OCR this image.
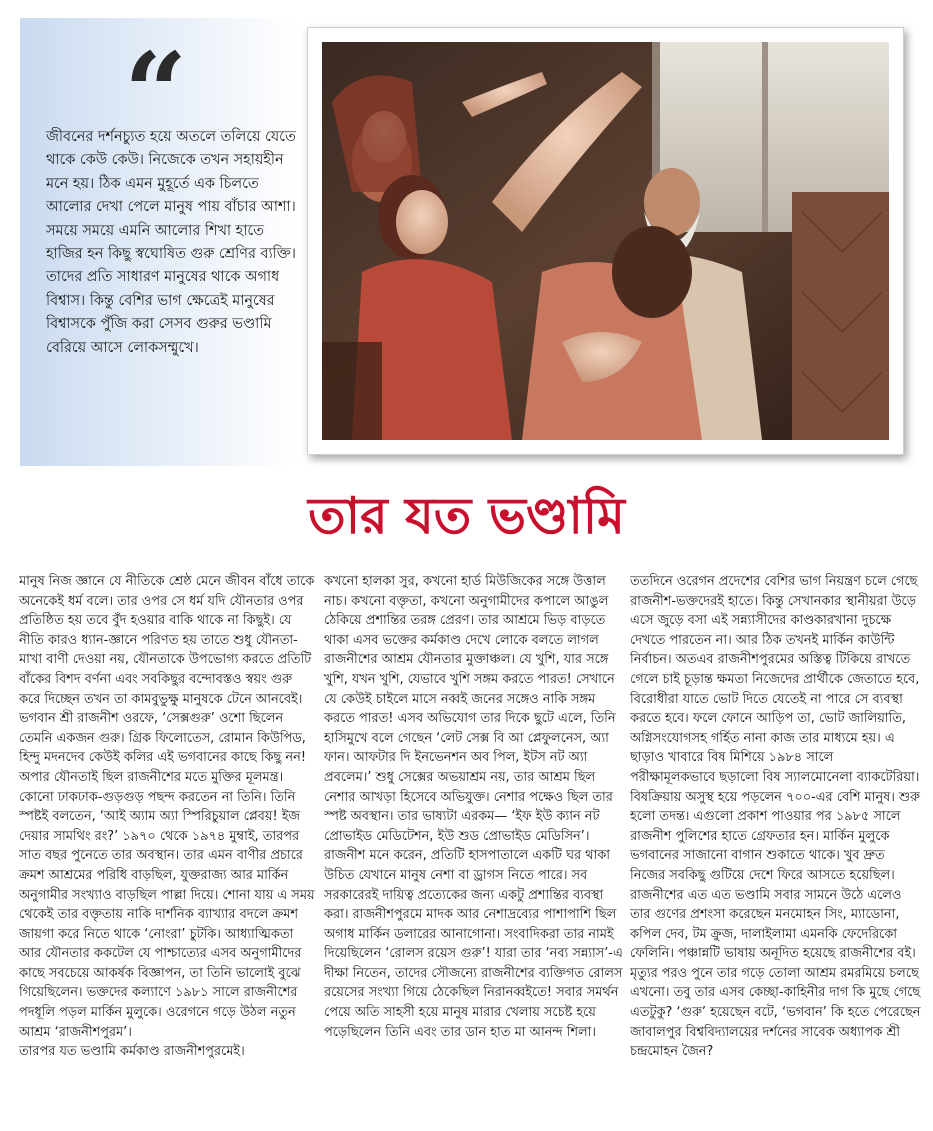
“
জীবনের দর্শনচ্যুত হয়ে অতলে তলিয়ে যেতে থাকে কেউ কেউ। নিজেকে তখন সহায়হীন মনে হয়। ঠিক এমন মুহূর্তে এক চিলতে আলোর দেখা পেলে মানুষ পায় বাঁচার আশা। সময়ে সময়ে এমনি আলোর শিখা হাতে হাজির হন কিছু স্বঘোষিত গুরু শ্রেণির ব্যক্তি। তাদের প্রতি সাধারণ মানুষের থাকে অগাধ বিশ্বাস। কিন্তু বেশির ভাগ ক্ষেত্রেই মানুষের বিশ্বাসকে পুঁজি করা সেসব গুরুর ভণ্ডামি বেরিয়ে আসে লোকসম্মুখে।
তার যত ভণ্ডামি

মানুষ নিজ জ্ঞানে যে নীতিকে শ্রেষ্ঠ মেনে জীবন বাঁধে তাকে অনেকেই ধর্ম বলে। তার ওপর সে ধর্ম যদি যৌনতার ওপর প্রতিষ্ঠিত হয় তবে বুঁদ হওয়ার বাকি থাকে না কিছুই। যে নীতি কারও ধ্যান-জ্ঞানে পরিণত হয় তাতে শুধু যৌনতা-মাখা বাণী দেওয়া নয়, যৌনতাকে উপভোগ্য করতে প্রতিটি বাঁকের বিশদ বর্ণনা এবং সবকিছুর বন্দোবস্তও স্বয়ং গুরু করে দিচ্ছেন তখন তা কামবুভুক্ষু মানুষকে টেনে আনবেই। ভগবান শ্রী রাজনীশ ওরফে, ‘সেক্সগুরু’ ওশো ছিলেন তেমনি একজন গুরু। গ্রিক ফিলোতেস, রোমান কিউপিড, হিন্দু মদনদেব কেউই কলির এই ভগবানের কাছে কিছু নন! অপার যৌনতাই ছিল রাজনীশের মতে মুক্তির মূলমন্ত্র। কোনো ঢাকঢাক-গুড়গুড় পছন্দ করতেন না তিনি। তিনি স্পষ্টই বলতেন, ‘আই অ্যাম অ্যা স্পিরিচুয়াল প্লেবয়! ইজ দেয়ার সামথিং রং?’ ১৯৭০ থেকে ১৯৭৪ মুম্বাই, তারপর সাত বছর পুনেতে তার অবস্থান। তার এমন বাণীর প্রচারে ক্রমশ আশ্রমের পরিধি বাড়ছিল, যুক্তরাজ্য আর মার্কিন অনুগামীর সংখ্যাও বাড়ছিল পাল্লা দিয়ে। শোনা যায় এ সময় থেকেই তার বক্তৃতায় নাকি দার্শনিক ব্যাখ্যার বদলে ক্রমশ জায়গা করে নিতে থাকে ‘নোংরা’ চুটকি। আধ্যাত্মিকতা আর যৌনতার ককটেল যে পাশ্চাত্যের এসব অনুগামীদের কাছে সবচেয়ে আকর্ষক বিজ্ঞাপন, তা তিনি ভালোই বুঝে গিয়েছিলেন। ভক্তদের কল্যাণে ১৯৮১ সালে রাজনীশের পদধূলি পড়ল মার্কিন মুলুকে। ওরেগনে গড়ে উঠল নতুন আশ্রম ‘রাজনীশপুরম’।
তারপর যত ভণ্ডামি কর্মকাণ্ড রাজনীশপুরমেই।

কখনো হালকা সুর, কখনো হার্ড মিউজিকের সঙ্গে উত্তাল নাচ। কখনো বক্তৃতা, কখনো অনুগামীদের কপালে আঙুল ঠেকিয়ে প্রশান্তির তরঙ্গ প্রেরণ। তার আশ্রমে ভিড় বাড়তে থাকা এসব ভক্তের কর্মকাণ্ড দেখে লোকে বলতে লাগল রাজনীশের আশ্রম যৌনতার মুক্তাঞ্চল। যে খুশি, যার সঙ্গে খুশি, যখন খুশি, যেভাবে খুশি সঙ্গম করতে পারত! সেখানে যে কেউই চাইলে মাসে নব্বই জনের সঙ্গেও নাকি সঙ্গম করতে পারত! এসব অভিযোগ তার দিকে ছুটে এলে, তিনি হাসিমুখে বলে গেছেন ‘লেট সেক্স বি আ প্লেফুলনেস, অ্যা ফান। আফটার দি ইনভেনশন অব পিল, ইটস নট অ্যা প্রবলেম।’ শুধু সেক্সের অভয়াশ্রম নয়, তার আশ্রম ছিল নেশার আখড়া হিসেবে অভিযুক্ত। নেশার পক্ষেও ছিল তার স্পষ্ট অবস্থান। তার ভাষ্যটা এরকম— ‘ইফ ইউ ক্যান নট প্রোভাইড মেডিটেশন, ইউ শুড প্রোভাইড মেডিসিন’। রাজনীশ মনে করেন, প্রতিটি হাসপাতালে একটি ঘর থাকা উচিত যেখানে মানুষ নেশা বা ড্রাগস নিতে পারে। সব সরকারেরই দায়িত্ব প্রত্যেকের জন্য একটু প্রশান্তির ব্যবস্থা করা। রাজনীশপুরমে মাদক আর নেশাদ্রব্যের পাশাপাশি ছিল অগাধ মার্কিন ডলারের আনাগোনা। সংবাদিকরা তার নামই দিয়েছিলেন ‘রোলস রয়েস গুরু’! যারা তার ‘নব্য সন্ন্যাস’-এ দীক্ষা নিতেন, তাদের সৌজন্যে রাজনীশের ব্যক্তিগত রোলস রয়েসের সংখ্যা গিয়ে ঠেকেছিল নিরানব্বইতে! সবার সমর্থন পেয়ে অতি সাহসী হয়ে মানুষ মারার খেলায় সচেষ্ট হয়ে পড়েছিলেন তিনি এবং তার ডান হাত মা আনন্দ শিলা।

ততদিনে ওরেগন প্রদেশের বেশির ভাগ নিয়ন্ত্রণ চলে গেছে রাজনীশ-ভক্তদেরই হাতে। কিন্তু সেখানকার স্থানীয়রা উড়ে এসে জুড়ে বসা এই সন্ন্যাসীদের কাণ্ডকারখানা দুচক্ষে দেখতে পারতেন না। আর ঠিক তখনই মার্কিন কাউন্টি নির্বাচন। অতএব রাজনীশপুরমের অস্তিত্ব টিকিয়ে রাখতে গেলে চাই চূড়ান্ত ক্ষমতা নিজেদের প্রার্থীকে জেতাতে হবে, বিরোধীরা যাতে ভোট দিতে যেতেই না পারে সে ব্যবস্থা করতে হবে। ফলে ফোনে আড়িপ তা, ভোট জালিয়াতি, অগ্নিসংযোগসহ গর্হিত নানা কাজ তার মাধ্যমে হয়। এ ছাড়াও খাবারে বিষ মিশিয়ে ১৯৮৪ সালে পরীক্ষামূলকভাবে ছড়ালো বিষ স্যালমোনেলা ব্যাকটেরিয়া। বিষক্রিয়ায় অসুস্থ হয়ে পড়লেন ৭০০-এর বেশি মানুষ। শুরু হলো তদন্ত। এগুলো প্রকাশ পাওয়ার পর ১৯৮৫ সালে রাজনীশ পুলিশের হাতে গ্রেফতার হন। মার্কিন মুলুকে ভগবানের সাজানো বাগান শুকাতে থাকে। খুব দ্রুত নিজের সবকিছু গুটিয়ে দেশে ফিরে আসতে হয়েছিল। রাজনীশের এত এত ভণ্ডামি সবার সামনে উঠে এলেও তার গুণের প্রশংসা করেছেন মনমোহন সিং, ম্যাডোনা, কপিল দেব, টম ক্রুজ, দালাইলামা এমনকি ফেদেরিকো ফেলিনি। পঞ্চান্নটি ভাষায় অনূদিত হয়েছে রাজনীশের বই। মৃত্যুর পরও পুনে তার গড়ে তোলা আশ্রম রমরমিয়ে চলছে এখনো। তবু তার এসব কেচ্ছা-কাহিনীর দাগ কি মুছে গেছে এতটুকু? ‘গুরু’ হয়েছেন বটে, ‘ভগবান’ কি হতে পেরেছেন জাবালপুর বিশ্ববিদ্যালয়ের দর্শনের সাবেক অধ্যাপক শ্রী চন্দ্রমোহন জৈন?
